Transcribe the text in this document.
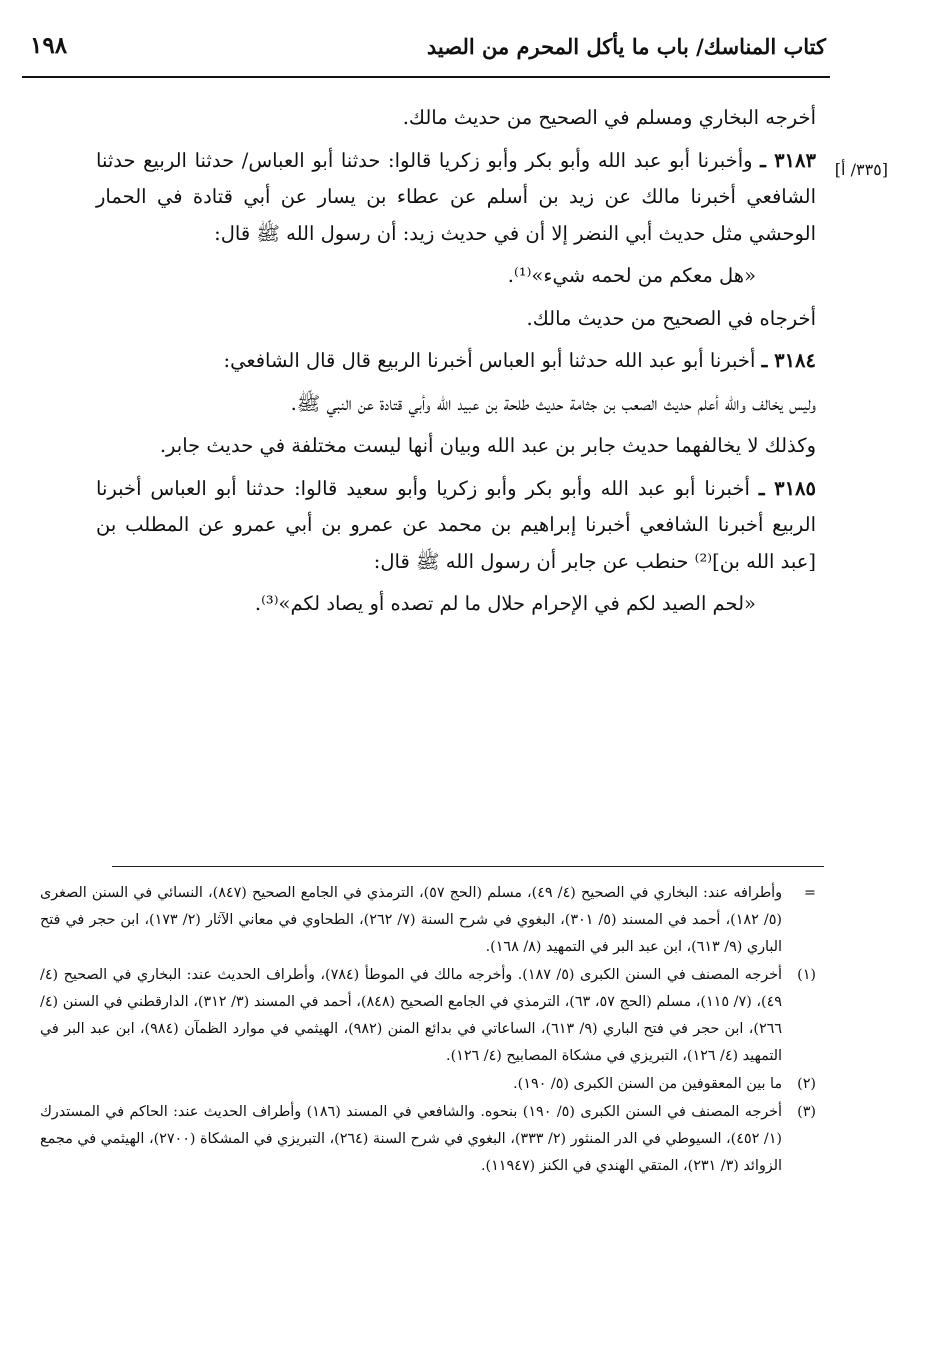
كتاب المناسك/ باب ما يأكل المحرم من الصيد
١٩٨
[٣٣٥/ أ]

أخرجه البخاري ومسلم في الصحيح من حديث مالك.

٣١٨٣ ـ وأخبرنا أبو عبد الله وأبو بكر وأبو زكريا قالوا: حدثنا أبو العباس/ حدثنا الربيع حدثنا الشافعي أخبرنا مالك عن زيد بن أسلم عن عطاء بن يسار عن أبي قتادة في الحمار الوحشي مثل حديث أبي النضر إلا أن في حديث زيد: أن رسول الله ﷺ قال:

«هل معكم من لحمه شيء»⁽¹⁾.

أخرجاه في الصحيح من حديث مالك.

٣١٨٤ ـ أخبرنا أبو عبد الله حدثنا أبو العباس أخبرنا الربيع قال قال الشافعي:

وليس يخالف والله أعلم حديث الصعب بن جثامة حديث طلحة بن عبيد الله وأبي قتادة عن النبي ﷺ.

وكذلك لا يخالفهما حديث جابر بن عبد الله وبيان أنها ليست مختلفة في حديث جابر.

٣١٨٥ ـ أخبرنا أبو عبد الله وأبو بكر وأبو زكريا وأبو سعيد قالوا: حدثنا أبو العباس أخبرنا الربيع أخبرنا الشافعي أخبرنا إبراهيم بن محمد عن عمرو بن أبي عمرو عن المطلب بن [عبد الله بن]⁽²⁾ حنطب عن جابر أن رسول الله ﷺ قال:

«لحم الصيد لكم في الإحرام حلال ما لم تصده أو يصاد لكم»⁽³⁾.

=
وأطرافه عند: البخاري في الصحيح (٤/ ٤٩)، مسلم (الحج ٥٧)، الترمذي في الجامع الصحيح (٨٤٧)، النسائي في السنن الصغرى (٥/ ١٨٢)، أحمد في المسند (٥/ ٣٠١)، البغوي في شرح السنة (٧/ ٢٦٢)، الطحاوي في معاني الآثار (٢/ ١٧٣)، ابن حجر في فتح الباري (٩/ ٦١٣)، ابن عبد البر في التمهيد (٨/ ١٦٨).
(١)
أخرجه المصنف في السنن الكبرى (٥/ ١٨٧). وأخرجه مالك في الموطأ (٧٨٤)، وأطراف الحديث عند: البخاري في الصحيح (٤/ ٤٩)، (٧/ ١١٥)، مسلم (الحج ٥٧، ٦٣)، الترمذي في الجامع الصحيح (٨٤٨)، أحمد في المسند (٣/ ٣١٢)، الدارقطني في السنن (٤/ ٢٦٦)، ابن حجر في فتح الباري (٩/ ٦١٣)، الساعاتي في بدائع المنن (٩٨٢)، الهيثمي في موارد الظمآن (٩٨٤)، ابن عبد البر في التمهيد (٤/ ١٢٦)، التبريزي في مشكاة المصابيح (٤/ ١٢٦).
(٢)
ما بين المعقوفين من السنن الكبرى (٥/ ١٩٠).
(٣)
أخرجه المصنف في السنن الكبرى (٥/ ١٩٠) بنحوه. والشافعي في المسند (١٨٦) وأطراف الحديث عند: الحاكم في المستدرك (١/ ٤٥٢)، السيوطي في الدر المنثور (٢/ ٣٣٣)، البغوي في شرح السنة (٢٦٤)، التبريزي في المشكاة (٢٧٠٠)، الهيثمي في مجمع الزوائد (٣/ ٢٣١)، المتقي الهندي في الكنز (١١٩٤٧).
